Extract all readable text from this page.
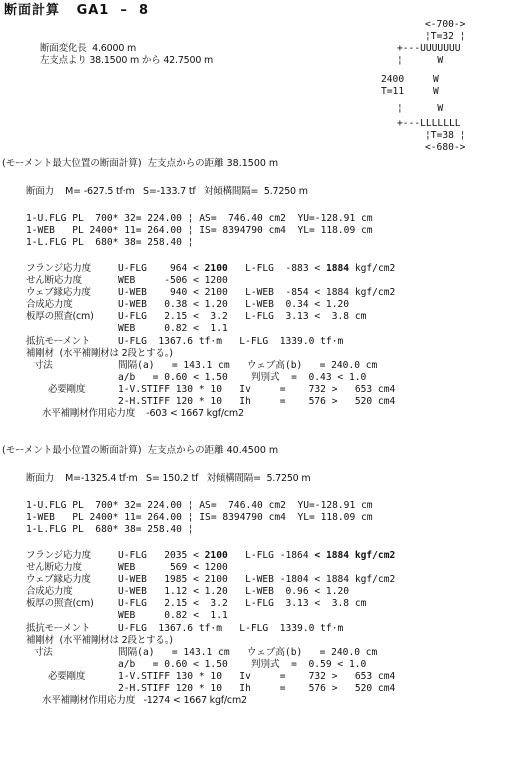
断面計算   GA1  –  8
断面変化長  4.6000 m
左支点より 38.1500 m から 42.7500 m
<-700->
¦T=32 ¦
+---UUUUUUU
¦      W
2400     W
T=11     W
¦      W
+---LLLLLLL
¦T=38 ¦
<-680->
(モーメント最大位置の断面計算)  左支点からの距離 38.1500 m
断面力    M= -627.5 tf·m   S=-133.7 tf   対傾構間隔=  5.7250 m
1-U.FLG PL  700* 32= 224.00 ¦ AS=  746.40 cm2  YU=-128.91 cm
1-WEB   PL 2400* 11= 264.00 ¦ IS= 8394790 cm4  YL= 118.09 cm
1-L.FLG PL  680* 38= 258.40 ¦
フランジ応力度	U-FLG    964 < 2100   L-FLG  -883 < 1884 kgf/cm2
せん断応力度	WEB     -506 < 1200
ウェブ縁応力度	U-WEB    940 < 2100   L-WEB  -854 < 1884 kgf/cm2
合成応力度	U-WEB   0.38 < 1.20   L-WEB  0.34 < 1.20
板厚の照査(cm)	U-FLG   2.15 <  3.2   L-FLG  3.13 <  3.8 cm
WEB     0.82 <  1.1
抵抗モーメント	U-FLG  1367.6 tf·m   L-FLG  1339.0 tf·m
補剛材  (水平補剛材は 2段とする。)
寸法	間隔(a)   = 143.1 cm   ウェブ高(b)   = 240.0 cm
a/b   = 0.60 < 1.50    判別式  =  0.43 < 1.0
必要剛度	1-V.STIFF 130 * 10   Iv     =    732 >   653 cm4
2-H.STIFF 120 * 10   Ih     =    576 >   520 cm4
水平補剛材作用応力度    -603 < 1667 kgf/cm2
(モーメント最小位置の断面計算)  左支点からの距離 40.4500 m
断面力    M=-1325.4 tf·m   S= 150.2 tf   対傾構間隔=  5.7250 m
1-U.FLG PL  700* 32= 224.00 ¦ AS=  746.40 cm2  YU=-128.91 cm
1-WEB   PL 2400* 11= 264.00 ¦ IS= 8394790 cm4  YL= 118.09 cm
1-L.FLG PL  680* 38= 258.40 ¦
フランジ応力度	U-FLG   2035 < 2100   L-FLG -1864 < 1884 kgf/cm2
せん断応力度	WEB      569 < 1200
ウェブ縁応力度	U-WEB   1985 < 2100   L-WEB -1804 < 1884 kgf/cm2
合成応力度	U-WEB   1.12 < 1.20   L-WEB  0.96 < 1.20
板厚の照査(cm)	U-FLG   2.15 <  3.2   L-FLG  3.13 <  3.8 cm
WEB     0.82 <  1.1
抵抗モーメント	U-FLG  1367.6 tf·m   L-FLG  1339.0 tf·m
補剛材  (水平補剛材は 2段とする。)
寸法	間隔(a)   = 143.1 cm   ウェブ高(b)   = 240.0 cm
a/b   = 0.60 < 1.50    判別式  =  0.59 < 1.0
必要剛度	1-V.STIFF 130 * 10   Iv     =    732 >   653 cm4
2-H.STIFF 120 * 10   Ih     =    576 >   520 cm4
水平補剛材作用応力度   -1274 < 1667 kgf/cm2
